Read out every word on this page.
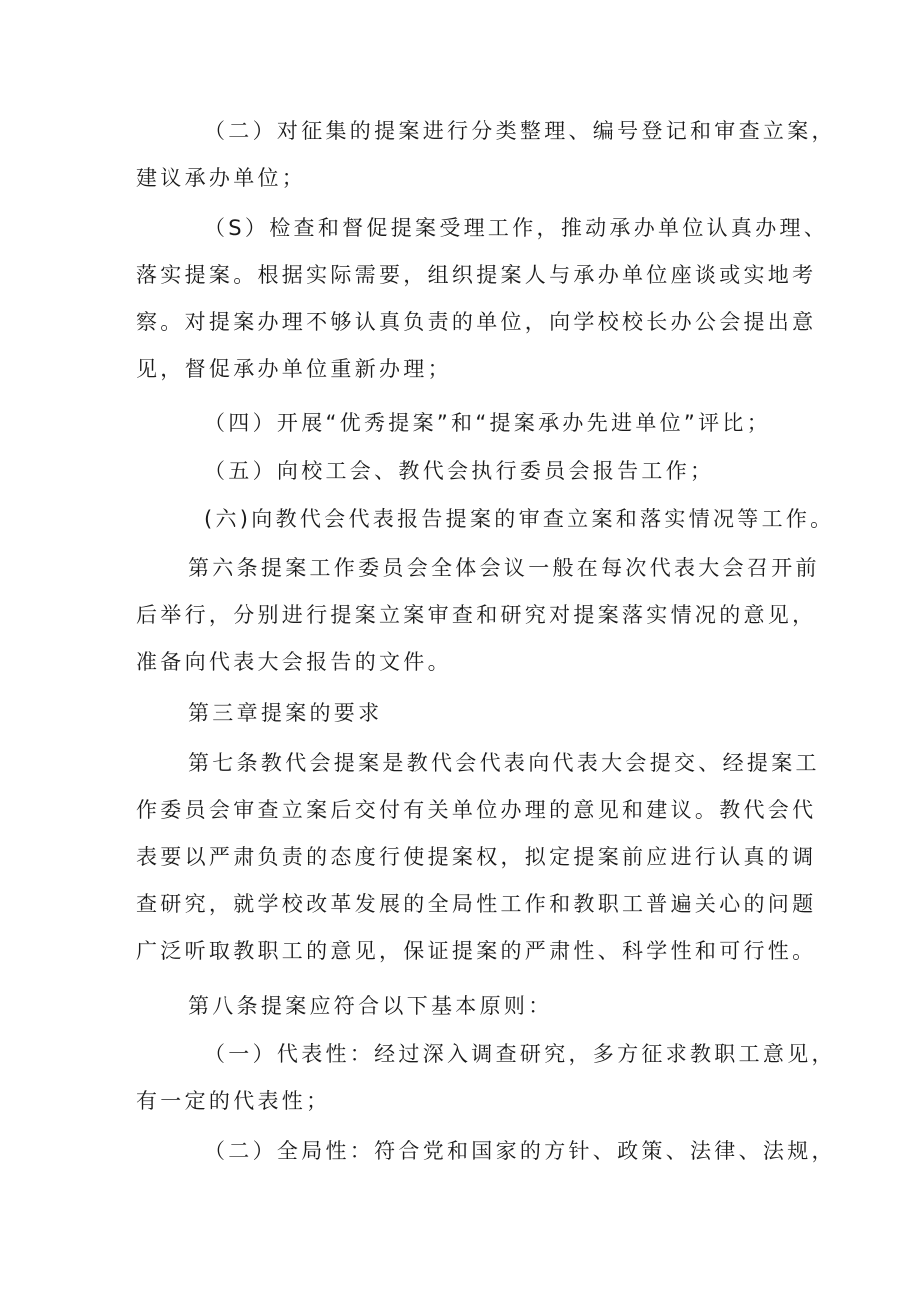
（二）对征集的提案进行分类整理、编号登记和审查立案，
建议承办单位；
（S）检查和督促提案受理工作，推动承办单位认真办理、
落实提案。根据实际需要，组织提案人与承办单位座谈或实地考
察。对提案办理不够认真负责的单位，向学校校长办公会提出意
见，督促承办单位重新办理；
（四）开展“优秀提案”和“提案承办先进单位”评比；
（五）向校工会、教代会执行委员会报告工作；
(六)向教代会代表报告提案的审查立案和落实情况等工作。
第六条提案工作委员会全体会议一般在每次代表大会召开前
后举行，分别进行提案立案审查和研究对提案落实情况的意见，
准备向代表大会报告的文件。
第三章提案的要求
第七条教代会提案是教代会代表向代表大会提交、经提案工
作委员会审查立案后交付有关单位办理的意见和建议。教代会代
表要以严肃负责的态度行使提案权，拟定提案前应进行认真的调
查研究，就学校改革发展的全局性工作和教职工普遍关心的问题
广泛听取教职工的意见，保证提案的严肃性、科学性和可行性。
第八条提案应符合以下基本原则：
（一）代表性：经过深入调查研究，多方征求教职工意见，
有一定的代表性；
（二）全局性：符合党和国家的方针、政策、法律、法规，
